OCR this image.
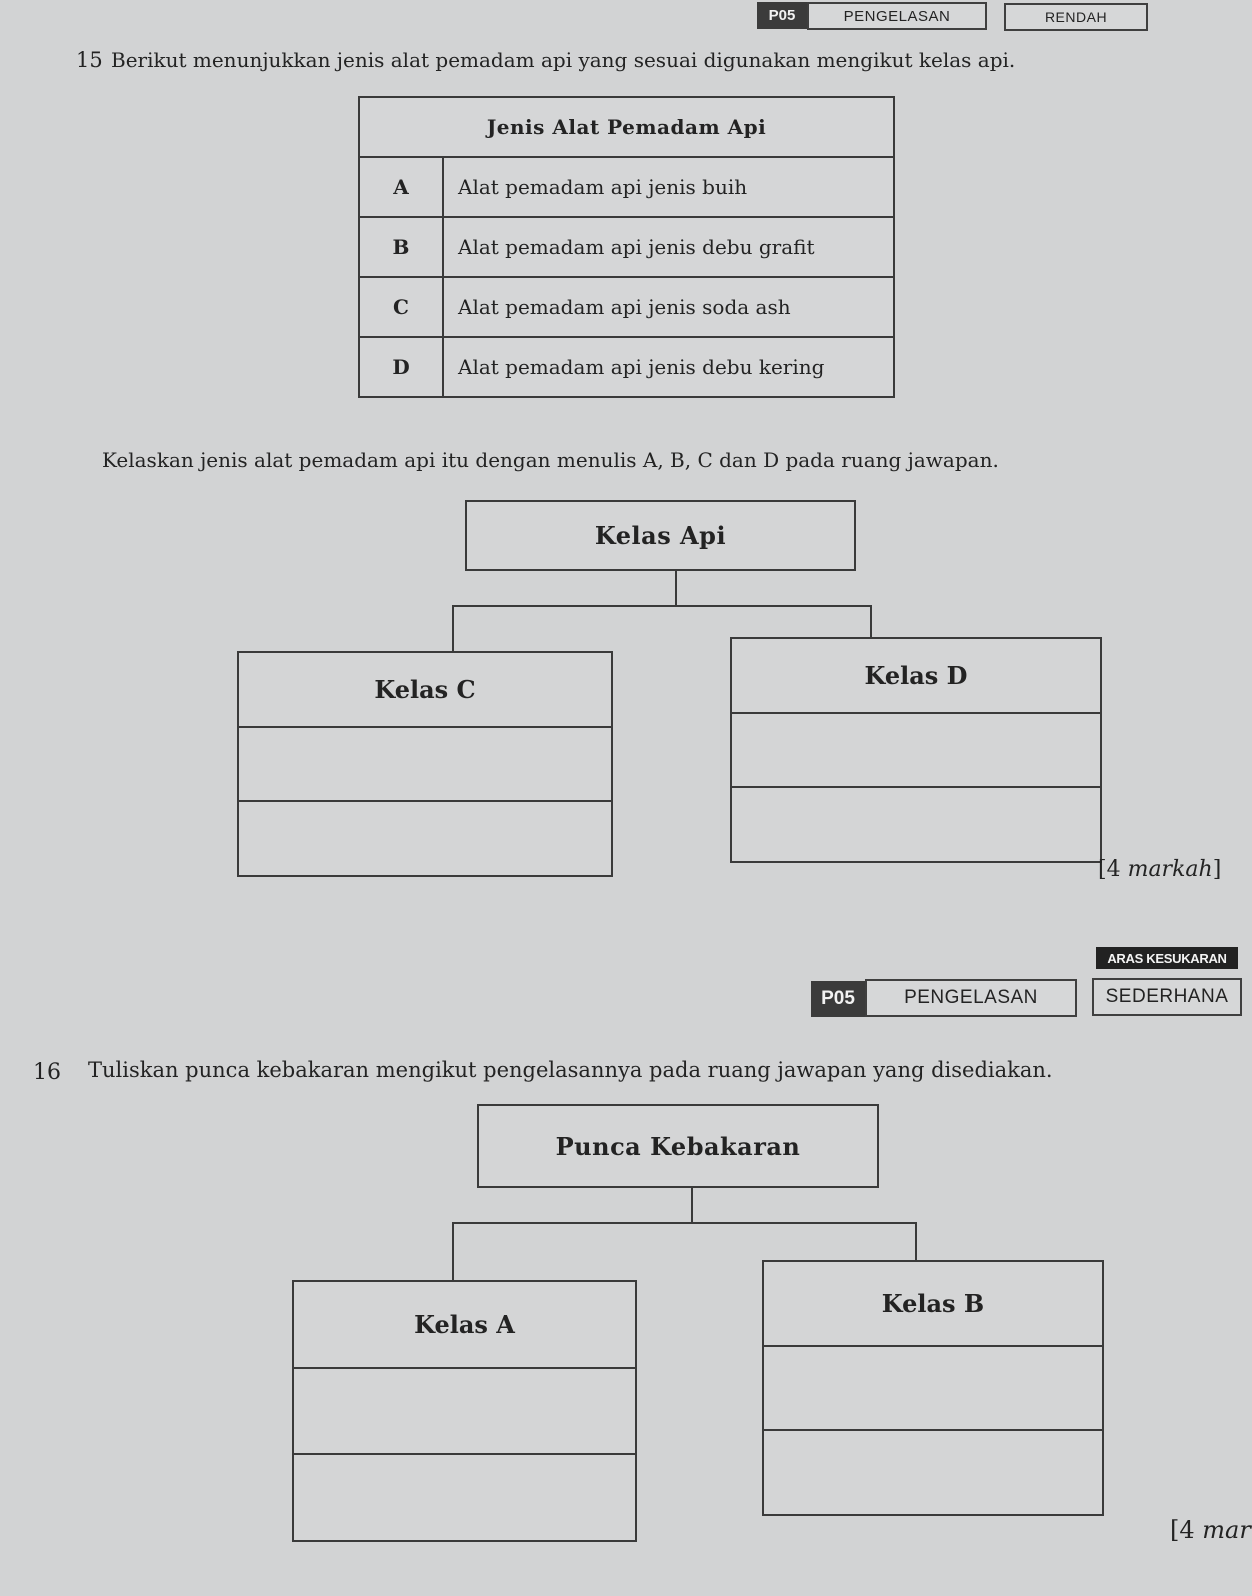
P05	PENGELASAN	RENDAH
15 Berikut menunjukkan jenis alat pemadam api yang sesuai digunakan mengikut kelas api.
Jenis Alat Pemadam Api	
A	Alat pemadam api jenis buih
B	Alat pemadam api jenis debu grafit
C	Alat pemadam api jenis soda ash
D	Alat pemadam api jenis debu kering
Kelaskan jenis alat pemadam api itu dengan menulis A, B, C dan D pada ruang jawapan.
Kelas Api
Kelas C	Kelas D
[4 markah]
ARAS KESUKARAN
P05	PENGELASAN	SEDERHANA
16 Tuliskan punca kebakaran mengikut pengelasannya pada ruang jawapan yang disediakan.
Punca Kebakaran
Kelas A
Kelas B
[4 mar
